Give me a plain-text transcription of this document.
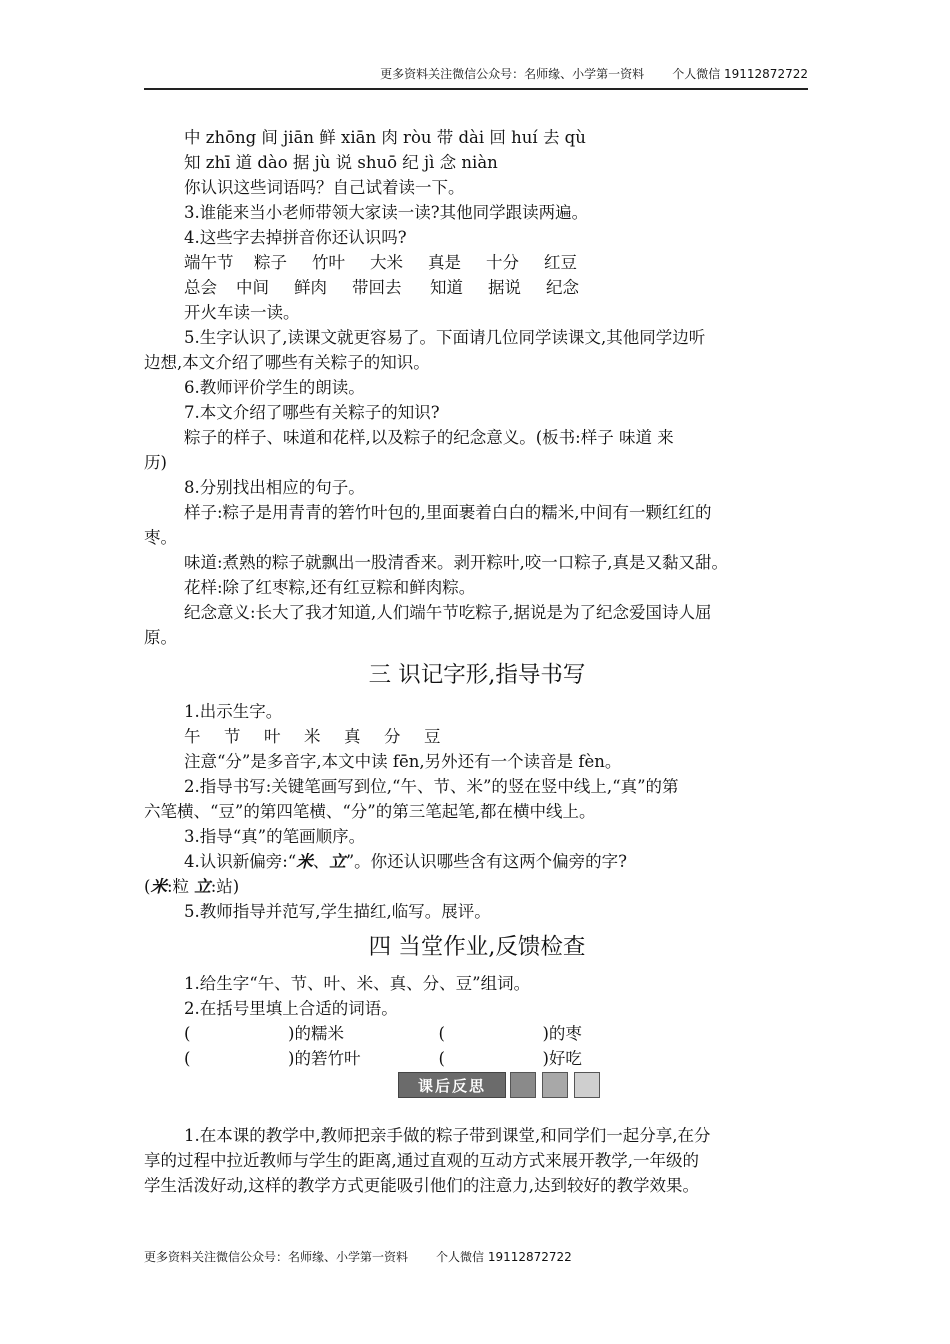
更多资料关注微信公众号：名师缘、小学第一资料 个人微信 19112872722
中 zhōng 间 jiān 鲜 xiān 肉 ròu 带 dài 回 huí 去 qù
知 zhī 道 dào 据 jù 说 shuō 纪 jì 念 niàn
你认识这些词语吗？自己试着读一下。
3.谁能来当小老师带领大家读一读?其他同学跟读两遍。
4.这些字去掉拼音你还认识吗?
端午节 粽子 竹叶 大米 真是 十分 红豆
总会 中间 鲜肉 带回去 知道 据说 纪念
开火车读一读。
5.生字认识了,读课文就更容易了。下面请几位同学读课文,其他同学边听
边想,本文介绍了哪些有关粽子的知识。
6.教师评价学生的朗读。
7.本文介绍了哪些有关粽子的知识?
粽子的样子、味道和花样,以及粽子的纪念意义。(板书:样子 味道 来
历)
8.分别找出相应的句子。
样子:粽子是用青青的箬竹叶包的,里面裹着白白的糯米,中间有一颗红红的
枣。
味道:煮熟的粽子就飘出一股清香来。剥开粽叶,咬一口粽子,真是又黏又甜。
花样:除了红枣粽,还有红豆粽和鲜肉粽。
纪念意义:长大了我才知道,人们端午节吃粽子,据说是为了纪念爱国诗人屈
原。
三 识记字形,指导书写
1.出示生字。
午 节 叶 米 真 分 豆
注意“分”是多音字,本文中读 fēn,另外还有一个读音是 fèn。
2.指导书写:关键笔画写到位,“午、节、米”的竖在竖中线上,“真”的第
六笔横、“豆”的第四笔横、“分”的第三笔起笔,都在横中线上。
3.指导“真”的笔画顺序。
4.认识新偏旁:“米、立”。你还认识哪些含有这两个偏旁的字?
(米:粒 立:站)
5.教师指导并范写,学生描红,临写。展评。
四 当堂作业,反馈检查
1.给生字“午、节、叶、米、真、分、豆”组词。
2.在括号里填上合适的词语。
(	)的糯米	(	)的枣
(	)的箬竹叶	(	)好吃
1.在本课的教学中,教师把亲手做的粽子带到课堂,和同学们一起分享,在分
享的过程中拉近教师与学生的距离,通过直观的互动方式来展开教学,一年级的
学生活泼好动,这样的教学方式更能吸引他们的注意力,达到较好的教学效果。
课后反思
更多资料关注微信公众号：名师缘、小学第一资料 个人微信 19112872722
